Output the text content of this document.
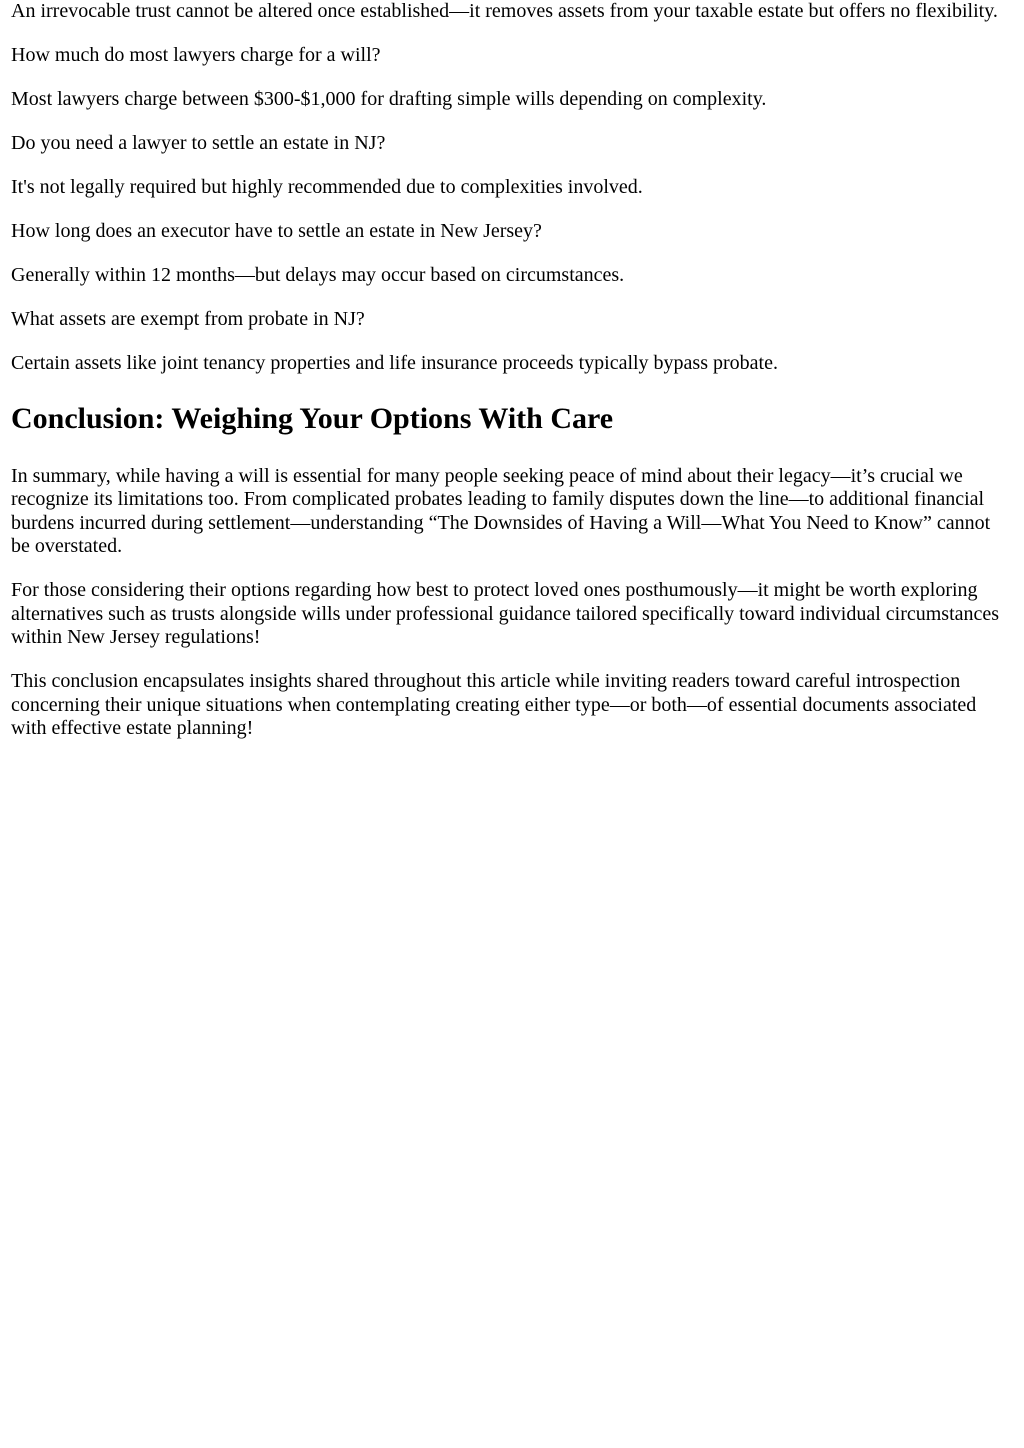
An irrevocable trust cannot be altered once established—it removes assets from your taxable estate but offers no flexibility.

How much do most lawyers charge for a will?

Most lawyers charge between $300-$1,000 for drafting simple wills depending on complexity.

Do you need a lawyer to settle an estate in NJ?

It's not legally required but highly recommended due to complexities involved.

How long does an executor have to settle an estate in New Jersey?

Generally within 12 months—but delays may occur based on circumstances.

What assets are exempt from probate in NJ?

Certain assets like joint tenancy properties and life insurance proceeds typically bypass probate.

Conclusion: Weighing Your Options With Care

In summary, while having a will is essential for many people seeking peace of mind about their legacy—it’s crucial we recognize its limitations too. From complicated probates leading to family disputes down the line—to additional financial burdens incurred during settlement—understanding “The Downsides of Having a Will—What You Need to Know” cannot be overstated.

For those considering their options regarding how best to protect loved ones posthumously—it might be worth exploring alternatives such as trusts alongside wills under professional guidance tailored specifically toward individual circumstances within New Jersey regulations!

This conclusion encapsulates insights shared throughout this article while inviting readers toward careful introspection concerning their unique situations when contemplating creating either type—or both—of essential documents associated with effective estate planning!
